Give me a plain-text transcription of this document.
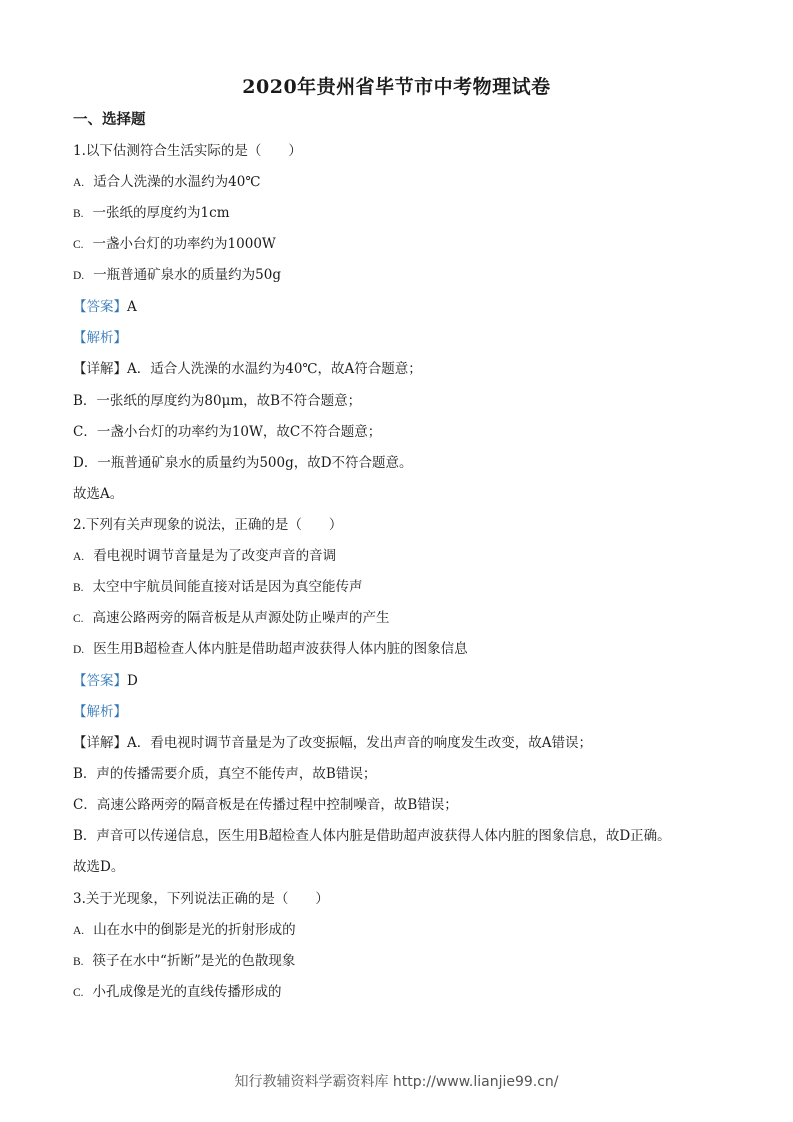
2020年贵州省毕节市中考物理试卷
一、选择题
1.以下估测符合生活实际的是（　　）
A. 适合人洗澡的水温约为40℃
B. 一张纸的厚度约为1cm
C. 一盏小台灯的功率约为1000W
D. 一瓶普通矿泉水的质量约为50g
【答案】A
【解析】
【详解】A．适合人洗澡的水温约为40℃，故A符合题意；
B．一张纸的厚度约为80μm，故B不符合题意；
C．一盏小台灯的功率约为10W，故C不符合题意；
D．一瓶普通矿泉水的质量约为500g，故D不符合题意。
故选A。
2.下列有关声现象的说法，正确的是（　　）
A. 看电视时调节音量是为了改变声音的音调
B. 太空中宇航员间能直接对话是因为真空能传声
C. 高速公路两旁的隔音板是从声源处防止噪声的产生
D. 医生用B超检查人体内脏是借助超声波获得人体内脏的图象信息
【答案】D
【解析】
【详解】A．看电视时调节音量是为了改变振幅，发出声音的响度发生改变，故A错误；
B．声的传播需要介质，真空不能传声，故B错误；
C．高速公路两旁的隔音板是在传播过程中控制噪音，故B错误；
B．声音可以传递信息，医生用B超检查人体内脏是借助超声波获得人体内脏的图象信息，故D正确。
故选D。
3.关于光现象，下列说法正确的是（　　）
A. 山在水中的倒影是光的折射形成的
B. 筷子在水中“折断”是光的色散现象
C. 小孔成像是光的直线传播形成的
知行教辅资料学霸资料库 http://www.lianjie99.cn/
